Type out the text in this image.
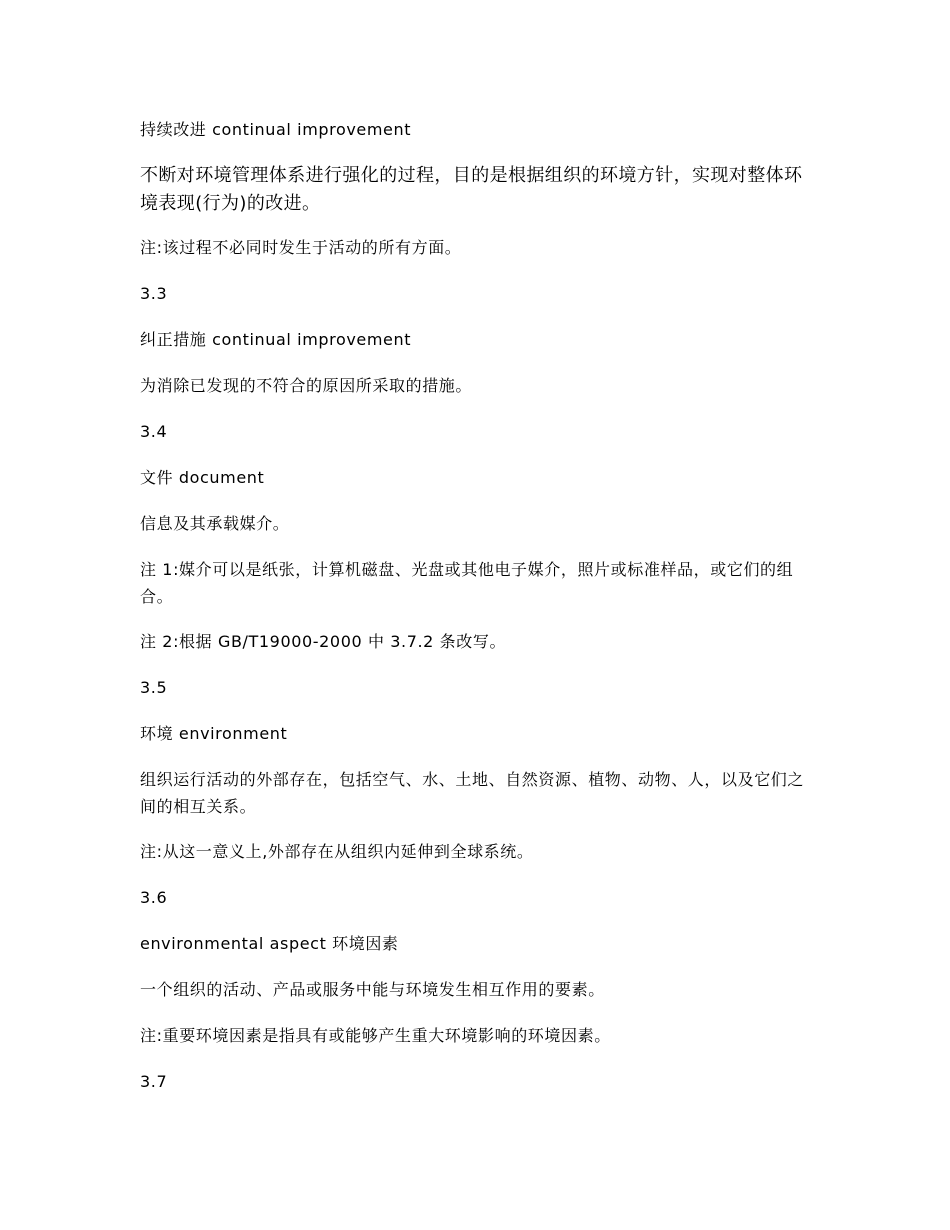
持续改进 continual improvement

不断对环境管理体系进行强化的过程，目的是根据组织的环境方针，实现对整体环境表现(行为)的改进。

注:该过程不必同时发生于活动的所有方面。

3.3

纠正措施 continual improvement

为消除已发现的不符合的原因所采取的措施。

3.4

文件 document

信息及其承载媒介。

注 1:媒介可以是纸张，计算机磁盘、光盘或其他电子媒介，照片或标准样品，或它们的组合。

注 2:根据 GB/T19000-2000 中 3.7.2 条改写。

3.5

环境 environment

组织运行活动的外部存在，包括空气、水、土地、自然资源、植物、动物、人，以及它们之间的相互关系。

注:从这一意义上,外部存在从组织内延伸到全球系统。

3.6

environmental aspect 环境因素

一个组织的活动、产品或服务中能与环境发生相互作用的要素。

注:重要环境因素是指具有或能够产生重大环境影响的环境因素。

3.7
